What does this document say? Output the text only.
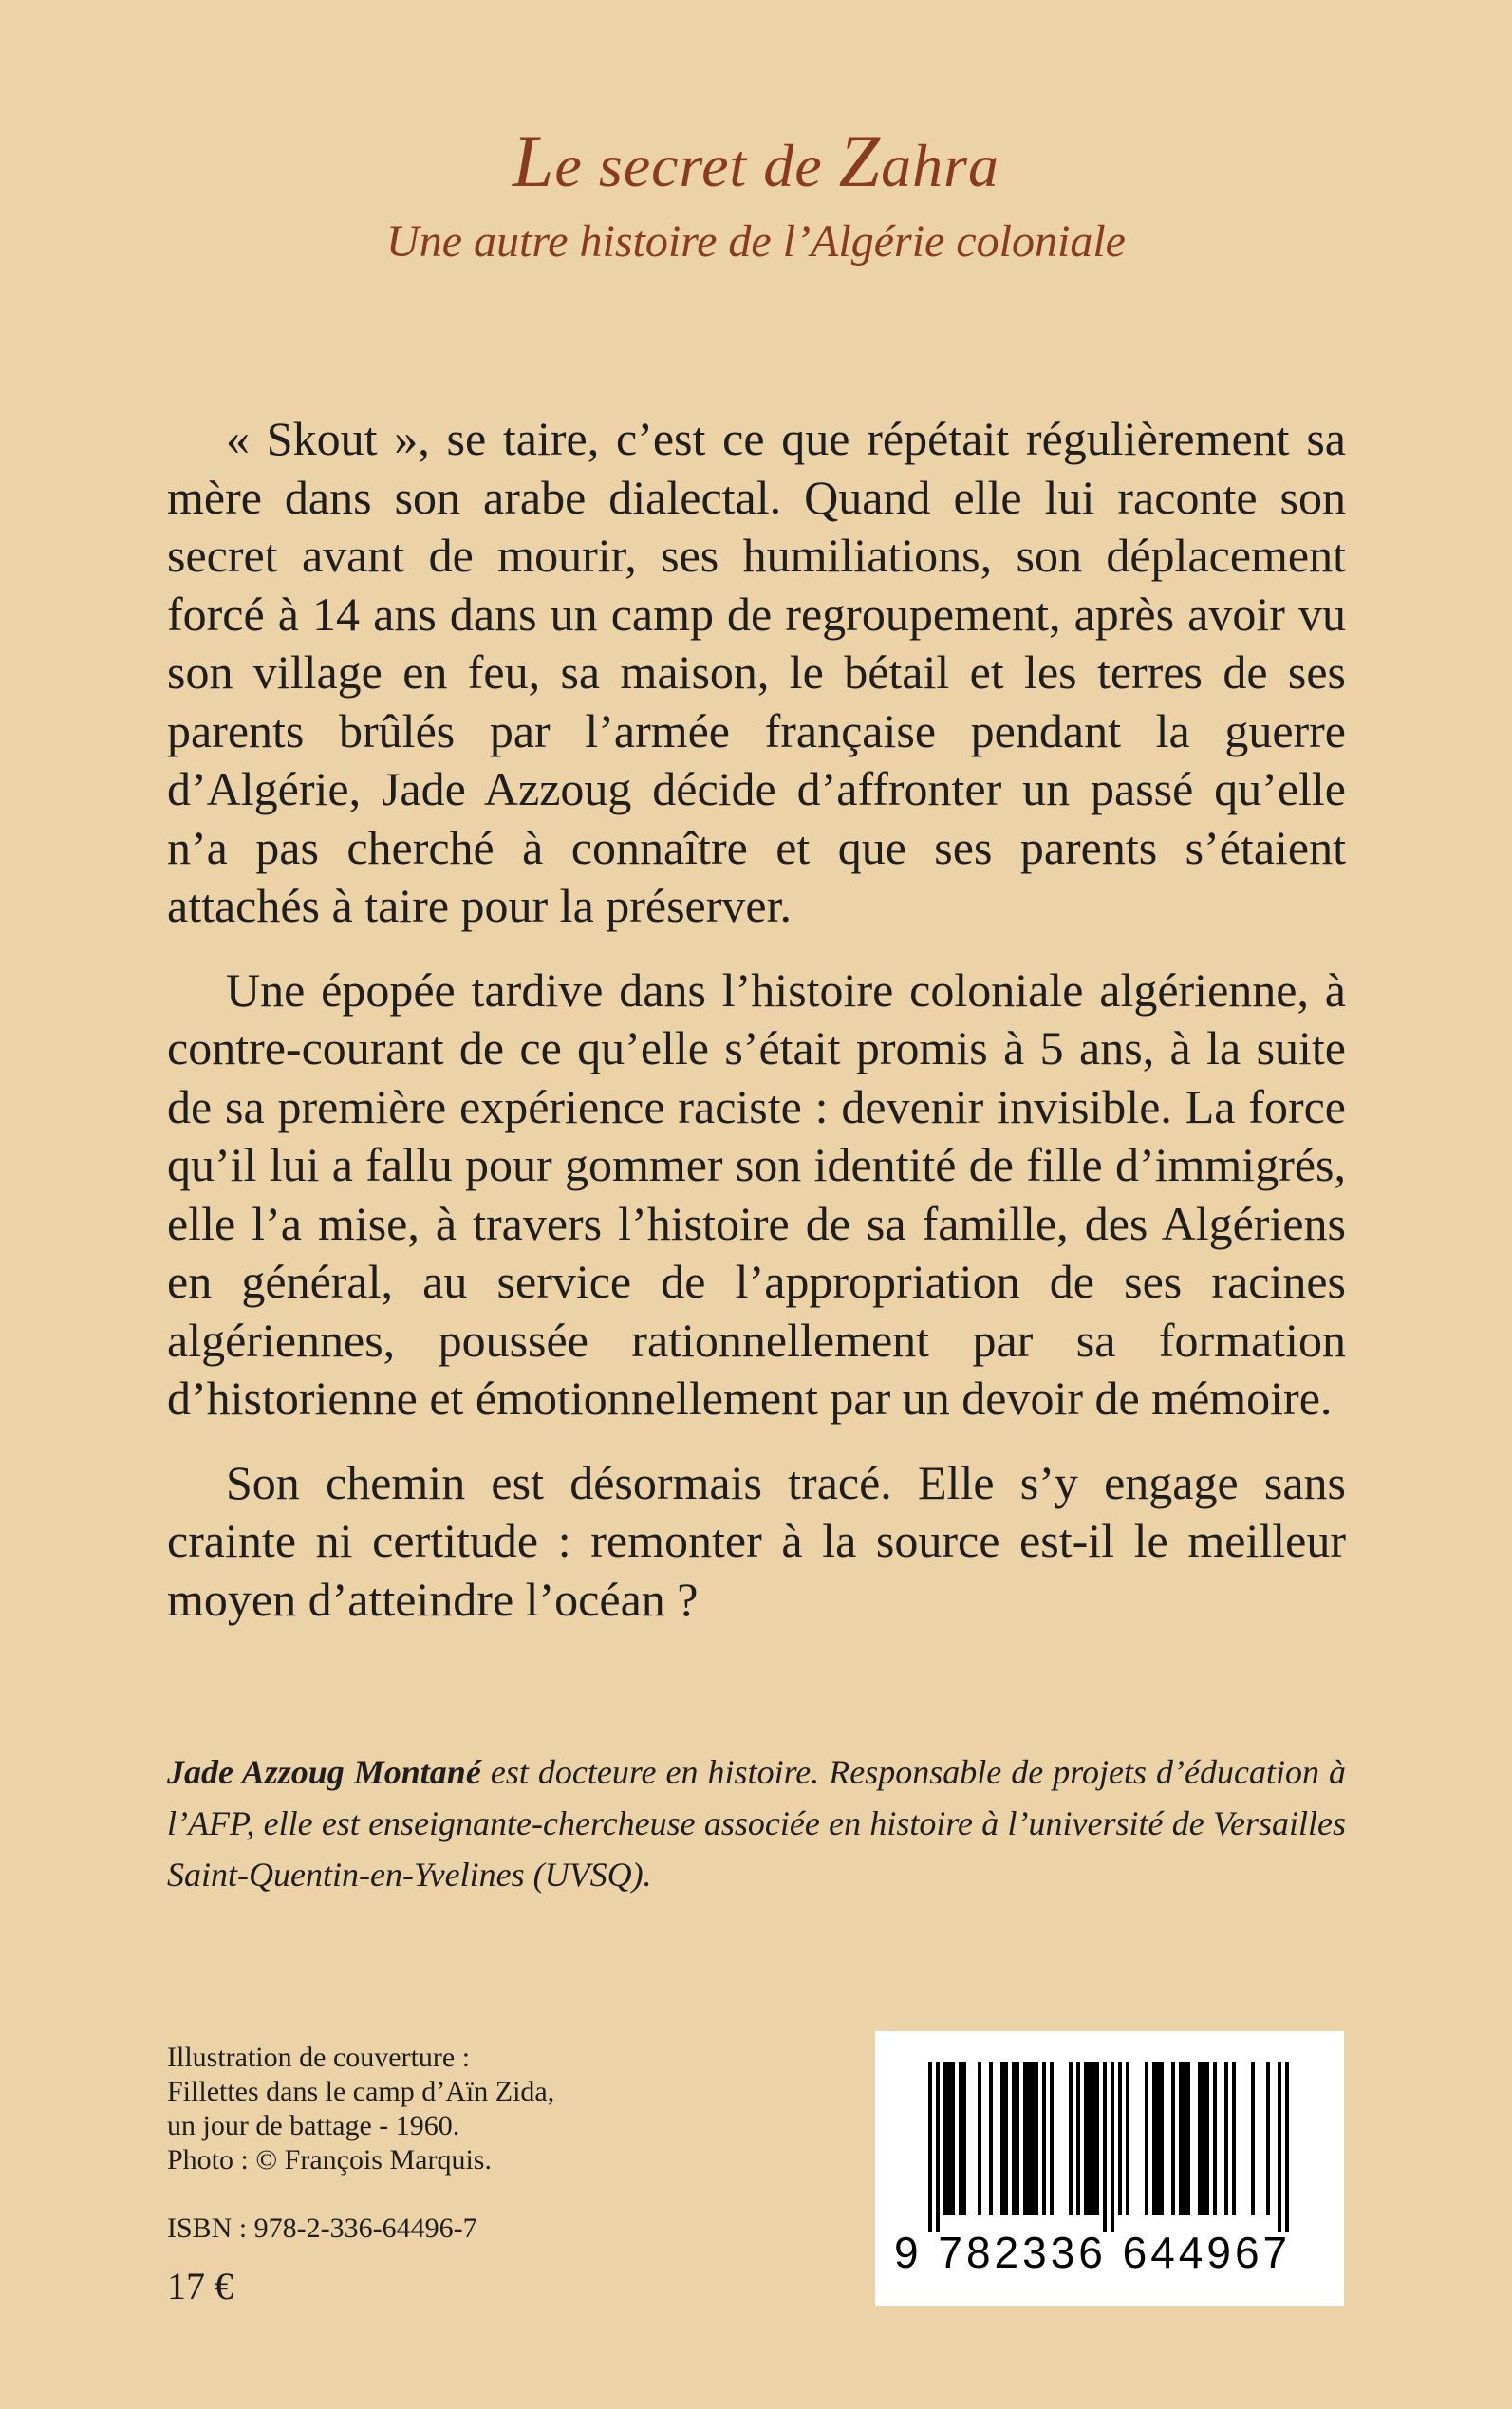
Le secret de Zahra
Une autre histoire de l’Algérie coloniale

« Skout », se taire, c’est ce que répétait régulièrement sa mère dans son arabe dialectal. Quand elle lui raconte son secret avant de mourir, ses humiliations, son déplacement forcé à 14 ans dans un camp de regroupement, après avoir vu son village en feu, sa maison, le bétail et les terres de ses parents brûlés par l’armée française pendant la guerre d’Algérie, Jade Azzoug décide d’affronter un passé qu’elle n’a pas cherché à connaître et que ses parents s’étaient attachés à taire pour la préserver.

Une épopée tardive dans l’histoire coloniale algérienne, à contre-courant de ce qu’elle s’était promis à 5 ans, à la suite de sa première expérience raciste : devenir invisible. La force qu’il lui a fallu pour gommer son identité de fille d’immigrés, elle l’a mise, à travers l’histoire de sa famille, des Algériens en général, au service de l’appropriation de ses racines algériennes, poussée rationnellement par sa formation d’historienne et émotionnellement par un devoir de mémoire.

Son chemin est désormais tracé. Elle s’y engage sans crainte ni certitude : remonter à la source est-il le meilleur moyen d’atteindre l’océan ?

Jade Azzoug Montané est docteure en histoire. Responsable de projets d’éducation à l’AFP, elle est enseignante-chercheuse associée en histoire à l’université de Versailles Saint-Quentin-en-Yvelines (UVSQ).
Illustration de couverture :
Fillettes dans le camp d’Aïn Zida,
un jour de battage - 1960.
Photo : © François Marquis.
ISBN : 978-2-336-64496-7
17 €
9 782336 644967
